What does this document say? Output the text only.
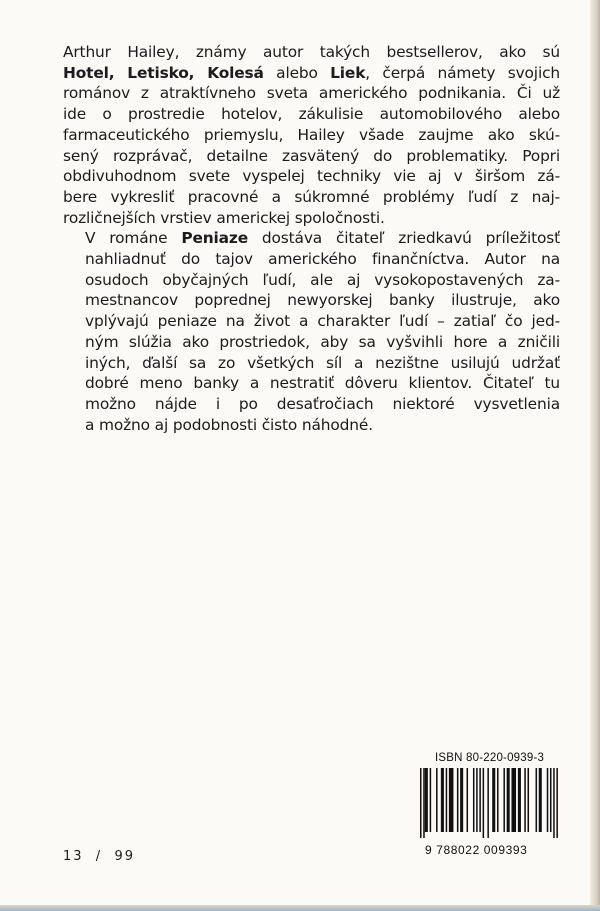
Arthur Hailey, známy autor takých bestsellerov, ako sú
Hotel, Letisko, Kolesá alebo Liek, čerpá námety svojich
románov z atraktívneho sveta amerického podnikania. Či už
ide o prostredie hotelov, zákulisie automobilového alebo
farmaceutického priemyslu, Hailey všade zaujme ako skú-
sený rozprávač, detailne zasvätený do problematiky. Popri
obdivuhodnom svete vyspelej techniky vie aj v širšom zá-
bere vykresliť pracovné a súkromné problémy ľudí z naj-
rozličnejších vrstiev americkej spoločnosti.

V románe Peniaze dostáva čitateľ zriedkavú príležitosť
nahliadnuť do tajov amerického finančníctva. Autor na
osudoch obyčajných ľudí, ale aj vysokopostavených za-
mestnancov poprednej newyorskej banky ilustruje, ako
vplývajú peniaze na život a charakter ľudí – zatiaľ čo jed-
ným slúžia ako prostriedok, aby sa vyšvihli hore a zničili
iných, ďalší sa zo všetkých síl a nezištne usilujú udržať
dobré meno banky a nestratiť dôveru klientov. Čitateľ tu
možno nájde i po desaťročiach niektoré vysvetlenia
a možno aj podobnosti čisto náhodné.

ISBN 80-220-0939-3
9 788022 009393
13  /  99
